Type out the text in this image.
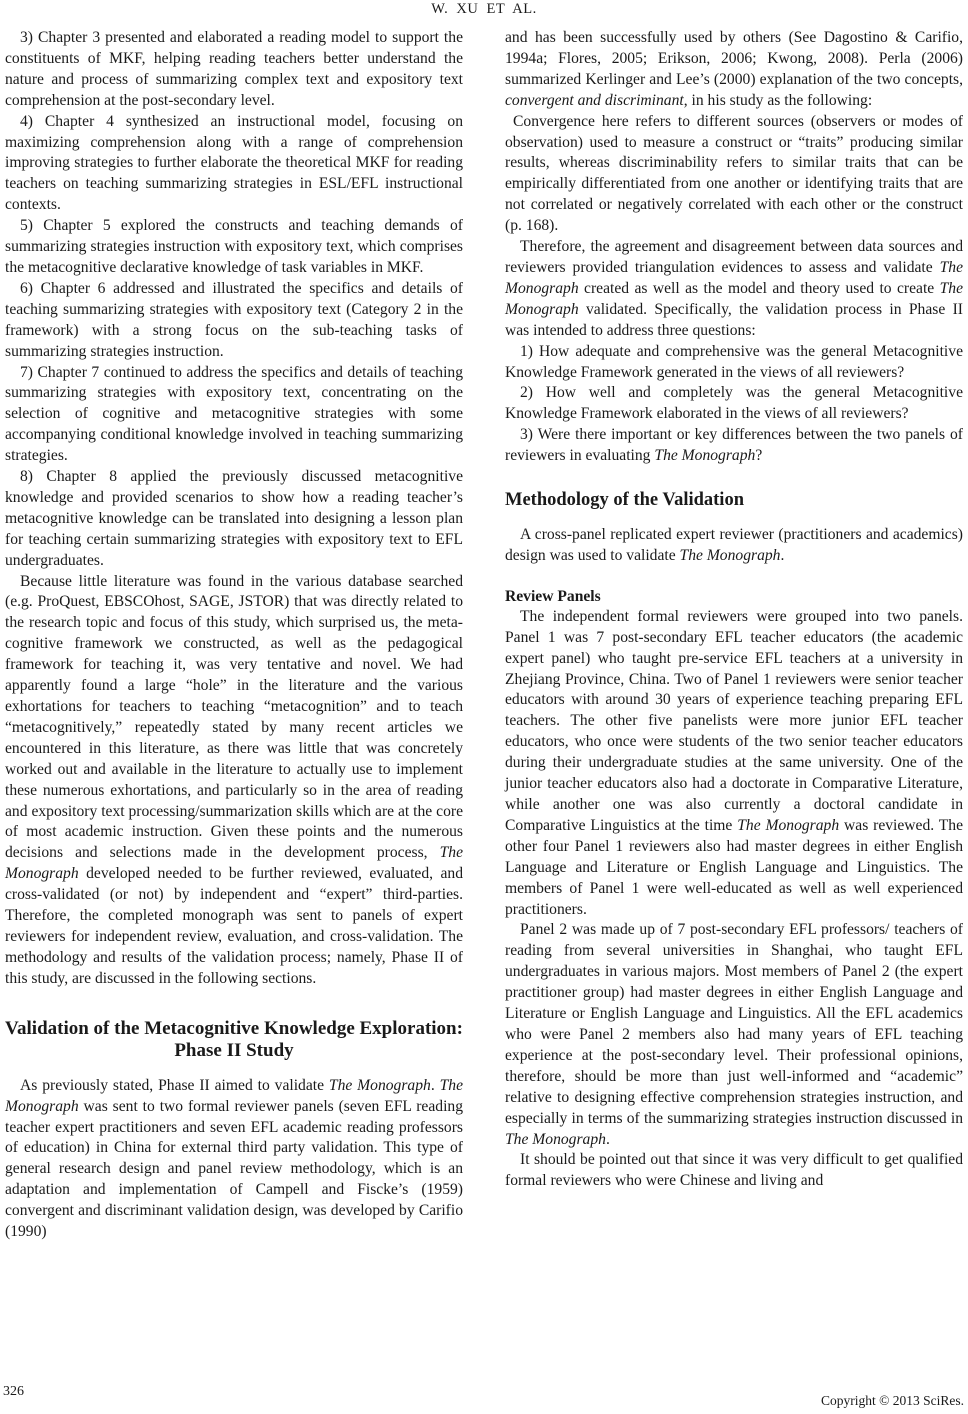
W. XU ET AL.

3) Chapter 3 presented and elaborated a reading model to support the constituents of MKF, helping reading teachers better understand the nature and process of summarizing complex text and expository text comprehension at the post-secondary level.

4) Chapter 4 synthesized an instructional model, focusing on maximizing comprehension along with a range of comprehension improving strategies to further elaborate the theoretical MKF for reading teachers on teaching summarizing strategies in ESL/EFL instructional contexts.

5) Chapter 5 explored the constructs and teaching demands of summarizing strategies instruction with expository text, which comprises the metacognitive declarative knowledge of task variables in MKF.

6) Chapter 6 addressed and illustrated the specifics and details of teaching summarizing strategies with expository text (Category 2 in the framework) with a strong focus on the sub-teaching tasks of summarizing strategies instruction.

7) Chapter 7 continued to address the specifics and details of teaching summarizing strategies with expository text, concentrating on the selection of cognitive and metacognitive strategies with some accompanying conditional knowledge involved in teaching summarizing strategies.

8) Chapter 8 applied the previously discussed metacognitive knowledge and provided scenarios to show how a reading teacher’s metacognitive knowledge can be translated into designing a lesson plan for teaching certain summarizing strategies with expository text to EFL undergraduates.

Because little literature was found in the various database searched (e.g. ProQuest, EBSCOhost, SAGE, JSTOR) that was directly related to the research topic and focus of this study, which surprised us, the meta-cognitive framework we constructed, as well as the pedagogical framework for teaching it, was very tentative and novel. We had apparently found a large “hole” in the literature and the various exhortations for teachers to teaching “metacognition” and to teach “metacognitively,” repeatedly stated by many recent articles we encountered in this literature, as there was little that was concretely worked out and available in the literature to actually use to implement these numerous exhortations, and particularly so in the area of reading and expository text processing/summarization skills which are at the core of most academic instruction. Given these points and the numerous decisions and selections made in the development process, The Monograph developed needed to be further reviewed, evaluated, and cross-validated (or not) by independent and “expert” third-parties. Therefore, the completed monograph was sent to panels of expert reviewers for independent review, evaluation, and cross-validation. The methodology and results of the validation process; namely, Phase II of this study, are discussed in the following sections.

Validation of the Metacognitive Knowledge Exploration: Phase II Study

As previously stated, Phase II aimed to validate The Monograph. The Monograph was sent to two formal reviewer panels (seven EFL reading teacher expert practitioners and seven EFL academic reading professors of education) in China for external third party validation. This type of general research design and panel review methodology, which is an adaptation and implementation of Campell and Fiscke’s (1959) convergent and discriminant validation design, was developed by Carifio (1990)

and has been successfully used by others (See Dagostino & Carifio, 1994a; Flores, 2005; Erikson, 2006; Kwong, 2008). Perla (2006) summarized Kerlinger and Lee’s (2000) explanation of the two concepts, convergent and discriminant, in his study as the following:

Convergence here refers to different sources (observers or modes of observation) used to measure a construct or “traits” producing similar results, whereas discriminability refers to similar traits that can be empirically differentiated from one another or identifying traits that are not correlated or negatively correlated with each other or the construct (p. 168).

Therefore, the agreement and disagreement between data sources and reviewers provided triangulation evidences to assess and validate The Monograph created as well as the model and theory used to create The Monograph validated. Specifically, the validation process in Phase II was intended to address three questions:

1) How adequate and comprehensive was the general Metacognitive Knowledge Framework generated in the views of all reviewers?

2) How well and completely was the general Metacognitive Knowledge Framework elaborated in the views of all reviewers?

3) Were there important or key differences between the two panels of reviewers in evaluating The Monograph?

Methodology of the Validation

A cross-panel replicated expert reviewer (practitioners and academics) design was used to validate The Monograph.

Review Panels

The independent formal reviewers were grouped into two panels. Panel 1 was 7 post-secondary EFL teacher educators (the academic expert panel) who taught pre-service EFL teachers at a university in Zhejiang Province, China. Two of Panel 1 reviewers were senior teacher educators with around 30 years of experience teaching preparing EFL teachers. The other five panelists were more junior EFL teacher educators, who once were students of the two senior teacher educators during their undergraduate studies at the same university. One of the junior teacher educators also had a doctorate in Comparative Literature, while another one was also currently a doctoral candidate in Comparative Linguistics at the time The Monograph was reviewed. The other four Panel 1 reviewers also had master degrees in either English Language and Literature or English Language and Linguistics. The members of Panel 1 were well-educated as well as well experienced practitioners.

Panel 2 was made up of 7 post-secondary EFL professors/ teachers of reading from several universities in Shanghai, who taught EFL undergraduates in various majors. Most members of Panel 2 (the expert practitioner group) had master degrees in either English Language and Literature or English Language and Linguistics. All the EFL academics who were Panel 2 members also had many years of EFL teaching experience at the post-secondary level. Their professional opinions, therefore, should be more than just well-informed and “academic” relative to designing effective comprehension strategies instruction, and especially in terms of the summarizing strategies instruction discussed in The Monograph.

It should be pointed out that since it was very difficult to get qualified formal reviewers who were Chinese and living and

326
Copyright © 2013 SciRes.
